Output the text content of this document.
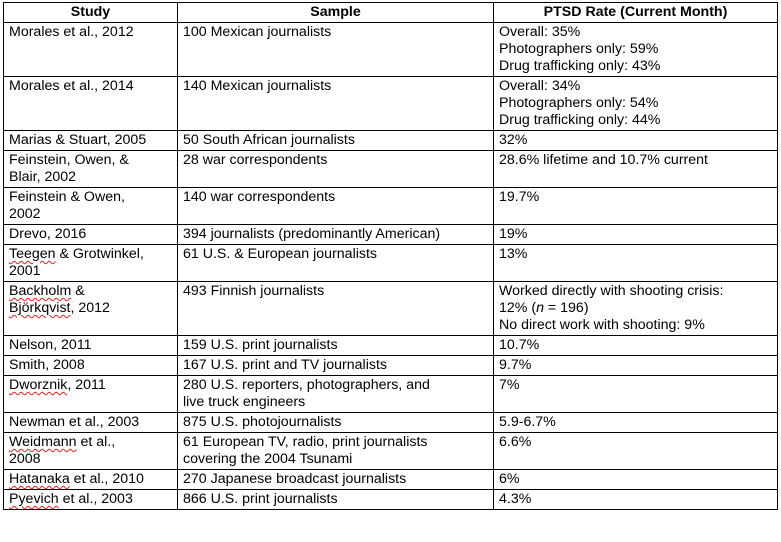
Study	Sample	PTSD Rate (Current Month)

Morales et al., 2012	100 Mexican journalists	Overall: 35%
Photographers only: 59%
Drug trafficking only: 43%

Morales et al., 2014	140 Mexican journalists	Overall: 34%
Photographers only: 54%
Drug trafficking only: 44%

Marias & Stuart, 2005	50 South African journalists	32%

Feinstein, Owen, &
Blair, 2002	28 war correspondents	28.6% lifetime and 10.7% current

Feinstein & Owen,
2002	140 war correspondents	19.7%

Drevo, 2016	394 journalists (predominantly American)	19%

Teegen & Grotwinkel,
2001	61 U.S. & European journalists	13%

Backholm &
Björkqvist, 2012	493 Finnish journalists	Worked directly with shooting crisis:
12% (n = 196)
No direct work with shooting: 9%

Nelson, 2011	159 U.S. print journalists	10.7%

Smith, 2008	167 U.S. print and TV journalists	9.7%

Dworznik, 2011	280 U.S. reporters, photographers, and
live truck engineers	7%

Newman et al., 2003	875 U.S. photojournalists	5.9-6.7%

Weidmann et al.,
2008	61 European TV, radio, print journalists
covering the 2004 Tsunami	6.6%

Hatanaka et al., 2010	270 Japanese broadcast journalists	6%

Pyevich et al., 2003	866 U.S. print journalists	4.3%
